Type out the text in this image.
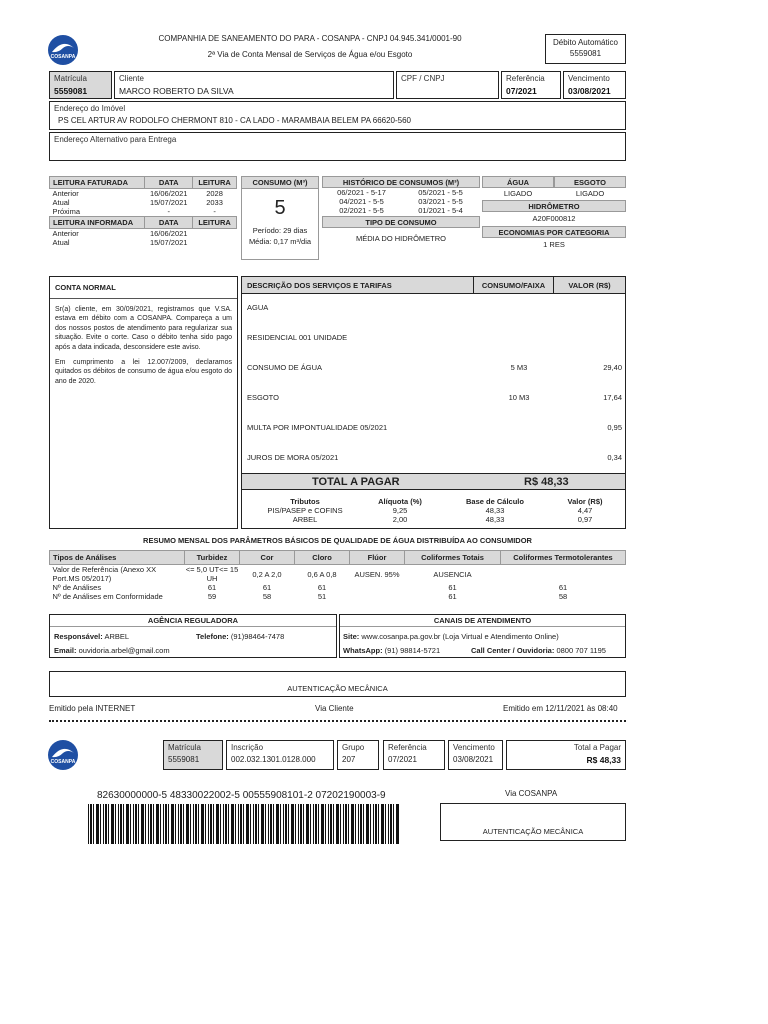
COSANPA
COMPANHIA DE SANEAMENTO DO PARA - COSANPA - CNPJ 04.945.341/0001-90
2ª Via de Conta Mensal de Serviços de Água e/ou Esgoto
Débito Automático
5559081
Matrícula
5559081
Cliente
MARCO ROBERTO DA SILVA
CPF / CNPJ	Referência
07/2021
Vencimento
03/08/2021
Endereço do Imóvel
PS CEL ARTUR AV RODOLFO CHERMONT 810 - CA LADO - MARAMBAIA BELEM PA 66620-560
Endereço Alternativo para Entrega
LEITURA FATURADA	DATA	LEITURA
Anterior	16/06/2021	2028
Atual	15/07/2021	2033
Próxima	-	-
LEITURA INFORMADA	DATA	LEITURA
Anterior	16/06/2021	
Atual	15/07/2021	
CONSUMO (M³)
5
Período: 29 dias
Média: 0,17 m³/dia
HISTÓRICO DE CONSUMOS (M³)
06/2021 - 5-17	05/2021 - 5-5
04/2021 - 5-5	03/2021 - 5-5
02/2021 - 5-5	01/2021 - 5-4
TIPO DE CONSUMO
MÉDIA DO HIDRÔMETRO
ÁGUA	ESGOTO
LIGADO	LIGADO
HIDRÔMETRO
A20F000812
ECONOMIAS POR CATEGORIA
1 RES
CONTA NORMAL
Sr(a) cliente, em 30/09/2021, registramos que V.SA. estava em débito com a COSANPA. Compareça a um dos nossos postos de atendimento para regularizar sua situação. Evite o corte. Caso o débito tenha sido pago após a data indicada, desconsidere este aviso.
Em cumprimento a lei 12.007/2009, declaramos quitados os débitos de consumo de água e/ou esgoto do ano de 2020.
DESCRIÇÃO DOS SERVIÇOS E TARIFAS	CONSUMO/FAIXA	VALOR (R$)
AGUA
RESIDENCIAL 001 UNIDADE
CONSUMO DE ÁGUA	5 M3	29,40
ESGOTO	10 M3	17,64
MULTA POR IMPONTUALIDADE 05/2021	0,95
JUROS DE MORA 05/2021	0,34
TOTAL A PAGAR	R$ 48,33
Tributos	Alíquota (%)	Base de Cálculo	Valor (R$)
PIS/PASEP e COFINS	9,25	48,33	4,47
ARBEL	2,00	48,33	0,97
RESUMO MENSAL DOS PARÂMETROS BÁSICOS DE QUALIDADE DE ÁGUA DISTRIBUÍDA AO CONSUMIDOR
Tipos de Análises	Turbidez	Cor	Cloro	Flúor	Coliformes Totais	Coliformes Termotolerantes
Valor de Referência (Anexo XX Port.MS 05/2017)	<= 5,0 UT<= 15 UH	0,2 A 2,0	0,6 A 0,8	AUSEN. 95%	AUSENCIA	
Nº de Análises	61	61	61		61	61
Nº de Análises em Conformidade	59	58	51		61	58
AGÊNCIA REGULADORA
Responsável: ARBEL	Telefone: (91)98464-7478
Email: ouvidoria.arbel@gmail.com
CANAIS DE ATENDIMENTO
Site: www.cosanpa.pa.gov.br (Loja Virtual e Atendimento Online)
WhatsApp: (91) 98814-5721	Call Center / Ouvidoria: 0800 707 1195
AUTENTICAÇÃO MECÂNICA
Emitido pela INTERNET	Via Cliente	Emitido em 12/11/2021 às 08:40
COSANPA
Matrícula
5559081
Inscrição
002.032.1301.0128.000
Grupo
207
Referência
07/2021
Vencimento
03/08/2021
Total a Pagar
R$ 48,33
82630000000-5 48330022002-5 00555908101-2 07202190003-9	Via COSANPA
AUTENTICAÇÃO MECÂNICA
